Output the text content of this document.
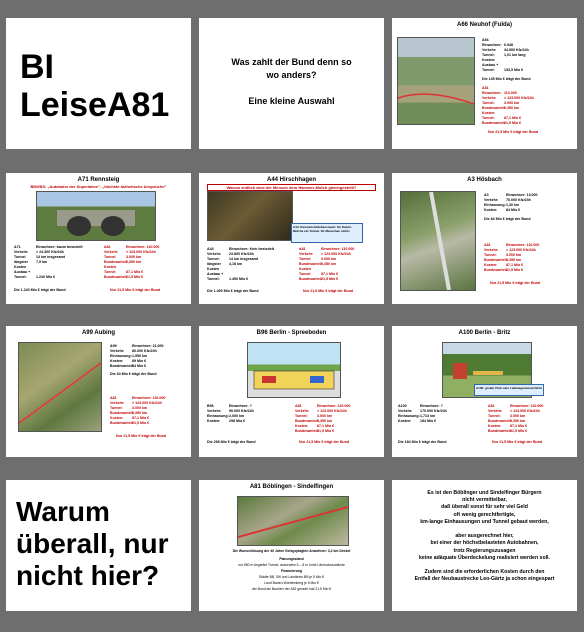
BI
LeiseA81
Was zahlt der Bund denn so
wo anders?
Eine kleine Auswahl
A66 Neuhof (Fulda)
A66
Einwohner: 6.948
Verkehr:	34.500 Kfz/24h
Tunnel:	1,01 km lang
Kosten:
Ausbau +
Tunnel:	133,5 Mio €
Die 135 Mio € trägt der Bund
A81
Einwohner: 110.000
Verkehr:	> 123.000 Kfz/24h
Tunnel:	3.000 km
Bundesanteil 0,350 km
Kosten:
Tunnel:	87,1 Mio €
Bundesanteil:
21,5 Mio €
Nur 21,5 Mio € trägt der Bund
A71 Rennsteig
BMVBS: „Autobahn der Superlative", „höchste ästhetische Ansprüche"
A71	Einwohner: kaum besiedelt
Verkehr:	> 24.300 Kfz/24h
Tunnel	14 km insgesamt
längster	7,9 km
Kosten
Ausbau +
Tunnel:	1.240 Mio €
Die 1.240 Mio € trägt der Bund
A81	Einwohner: 110.000
Verkehr:	> 123.000 Kfz/24h
Tunnel	3.000 km
Bundesanteil 0,350 km
Kosten
Tunnel	87,1 Mio €
Bundesanteil 21,5 Mio €
Nur 21,5 Mio € trägt der Bund
A44 Hirschhagen
Warum endlich wird der Mensch dem Hamster-Molch gleichgestellt?
A44: Kammmolchlebensraum: für Kamm-Molche ein Tunnel, für Menschen nichts
A44	Einwohner: Kein besiedelt
Verkehr:	23.800 Kfz/24h
Tunnel:	14 km insgesamt
längster	4,18 km
Kosten
Ausbau +
Tunnel:	1.490 Mio €
Die 1.490 Mio € trägt der Bund
A81	Einwohner: 110.000
Verkehr:	> 123.000 Kfz/24h
Tunnel	3.000 km
Bundesanteil 0,350 km
Kosten
Tunnel	87,1 Mio €
Bundesanteil 21,5 Mio €
Nur 21,5 Mio € trägt der Bund
A3 Hösbach
A3	Einwohner: 13.000
Verkehr:	76.000 Kfz/24h
Einhausung: 1,30 km
Kosten:	84 Mio €
Die 84 Mio € trägt der Bund
A81	Einwohner: 110.000
Verkehr:	> 123.000 Kfz/24h
Tunnel:	3.000 km
Bundesanteil:
0,350 km
Kosten:	87,1 Mio €
Bundesanteil:
21,5 Mio €
Nur 21,5 Mio € trägt der Bund
A99 Aubing
A99	Einwohner: 21.000
Verkehr:	80.000 Kfz/24h
Einhausung: 1,950 km
Kosten:	89 Mio €
Bundesanteil:
64 Mio €
Die 64 Mio € trägt der Bund
A81	Einwohner: 110.000
Verkehr:	> 123.000 Kfz/24h
Tunnel:	3.000 km
Bundesanteil:
0,350 km
Kosten:	87,1 Mio €
Bundesanteil:
21,5 Mio €
Nur 21,5 Mio € trägt der Bund
B96 Berlin - Spreeboden
B96	Einwohner: ?
Verkehr:	90.000 Kfz/24h
Einhausung: 2,000 km
Kosten:	298 Mio €
Die 298 Mio € trägt der Bund
A81	Einwohner: 110.000
Verkehr:	> 123.000 Kfz/24h
Tunnel:	3.000 km
Bundesanteil:
0,350 km
Kosten:	87,1 Mio €
Bundesanteil:
21,5 Mio €
Nur 21,5 Mio € trägt der Bund
A100 Berlin - Britz
A100: großer Park oder Leihwagentunnel Britz
A100	Einwohner: ?
Verkehr:	170.000 Kfz/24h
Einhausung: 1,713 km
Kosten:	184 Mio €
Die 184 Mio € trägt der Bund
A81	Einwohner: 110.000
Verkehr:	> 123.000 Kfz/24h
Tunnel:	3.000 km
Bundesanteil:
0,350 km
Kosten:	87,1 Mio €
Bundesanteil:
21,5 Mio €
Nur 21,5 Mio € trägt der Bund
Warum
überall, nur
nicht hier?
A81 Böblingen - Sindelfingen
Die Wunschlösung der 40 Jahre Geisgeplagten Anwohner: 3,2 km Deckel
Planungsstand
nur 650 m begleitet Tunnel, ansonsten 6 – 8 m hohe Lärmschutzwände
Finanzierung
Städte BB, Sifi und Landkreis BB je 5 Mio €
Land Baden-Württemberg je 6 Mio €
der Bund als Bauherr der A81 gerade mal 21,5 Mio €
Es ist den Böblinger und Sindelfinger Bürgern
nicht vermittelbar,
daß überall sonst für sehr viel Geld
oft wenig gerechtfertigte,
km-lange Einhausungen und Tunnel gebaut werden,

aber ausgerechnet hier,
bei einer der höchstbelasteten Autobahnen,
trotz Regierungszusagen
keine adäquate Überdeckelung realisiert werden soll.

Zudem sind die erforderlichen Kosten durch den
Entfall der Neubaustrecke Leo-Gärtz ja schon eingespart
